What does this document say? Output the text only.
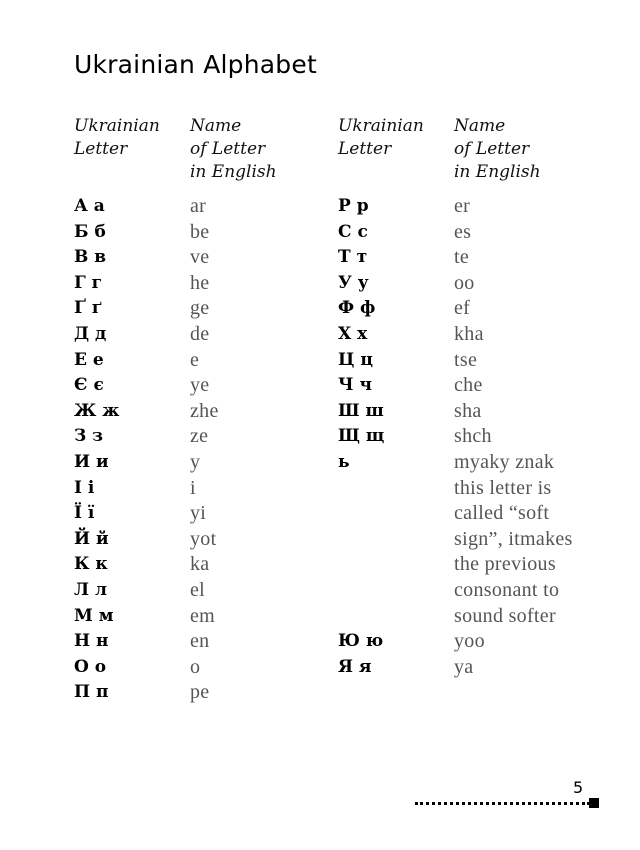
Ukrainian Alphabet
Ukrainian
Letter
Name
of Letter
in English
Ukrainian
Letter
Name
of Letter
in English
А а
Б б
В в
Г г
Ґ ґ
Д д
Е е
Є є
Ж ж
З з
И и
І і
Ї ї
Й й
К к
Л л
М м
Н н
О о
П п
ar
be
ve
he
ge
de
e
ye
zhe
ze
y
i
yi
yot
ka
el
em
en
o
pe
Р р
С с
Т т
У у
Ф ф
Х х
Ц ц
Ч ч
Ш ш
Щ щ
ь
Ю ю
Я я
er
es
te
oo
ef
kha
tse
che
sha
shch
myaky znak
this letter is
called “soft
sign”, itmakes
the previous
consonant to
sound softer
yoo
ya
5
